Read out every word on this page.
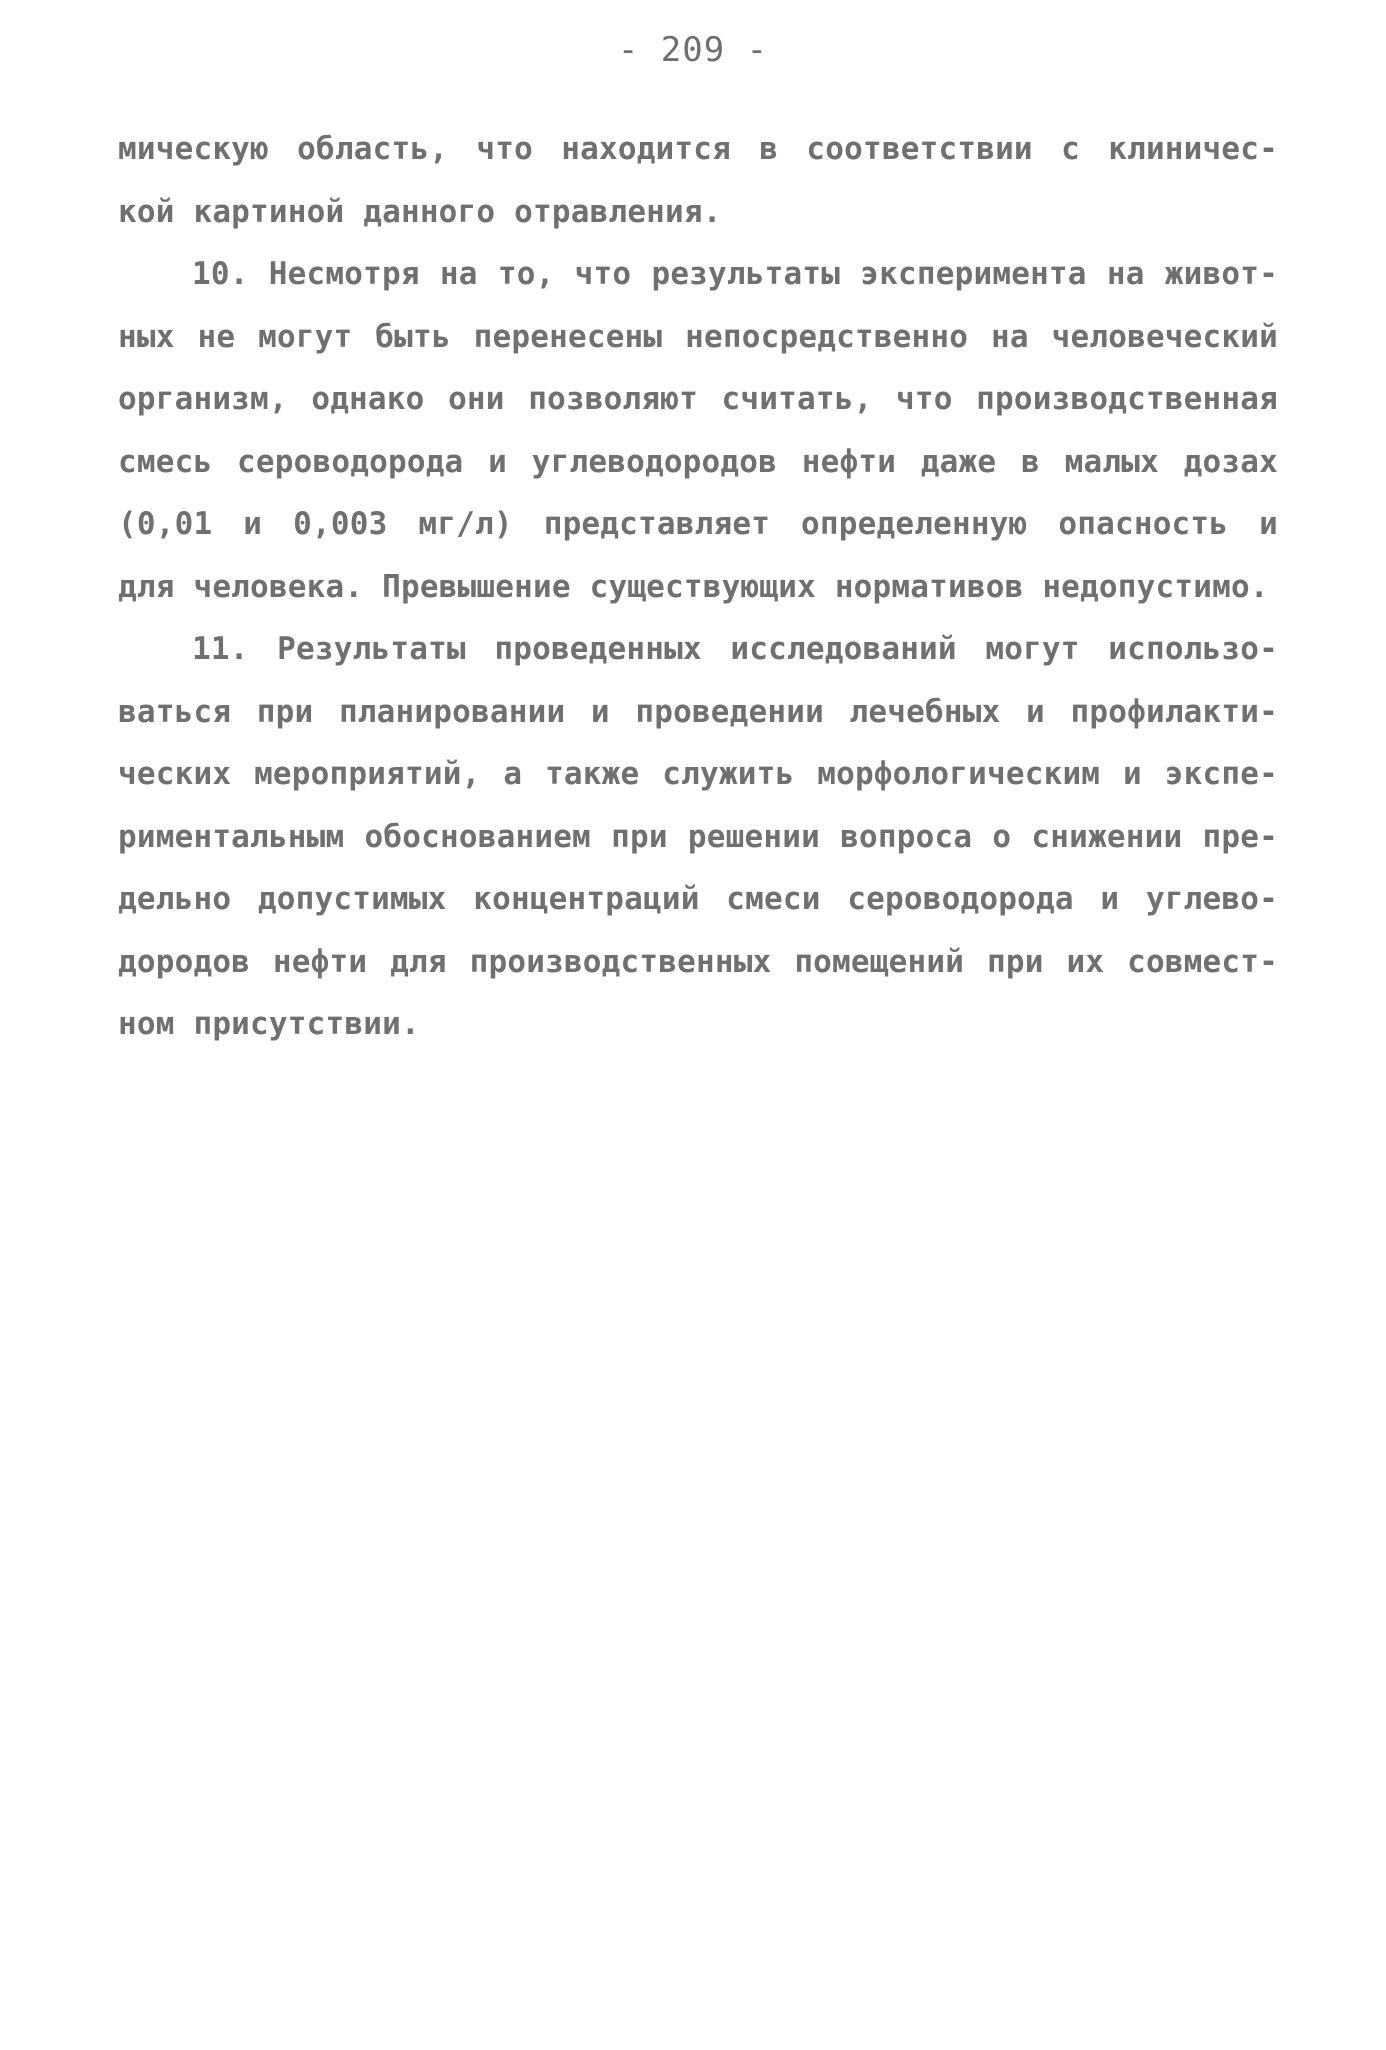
- 209 -
мическую область, что находится в соответствии с клиничес-
кой картиной данного отравления.
10. Несмотря на то, что результаты эксперимента на живот-
ных не могут быть перенесены непосредственно на человеческий
организм, однако они позволяют считать, что производственная
смесь сероводорода и углеводородов нефти даже в малых дозах
(0,01 и 0,003 мг/л) представляет определенную опасность и
для человека. Превышение существующих нормативов недопустимо.
11. Результаты проведенных исследований могут использо-
ваться при планировании и проведении лечебных и профилакти-
ческих мероприятий, а также служить морфологическим и экспе-
риментальным обоснованием при решении вопроса о снижении пре-
дельно допустимых концентраций смеси сероводорода и углево-
дородов нефти для производственных помещений при их совмест-
ном присутствии.
